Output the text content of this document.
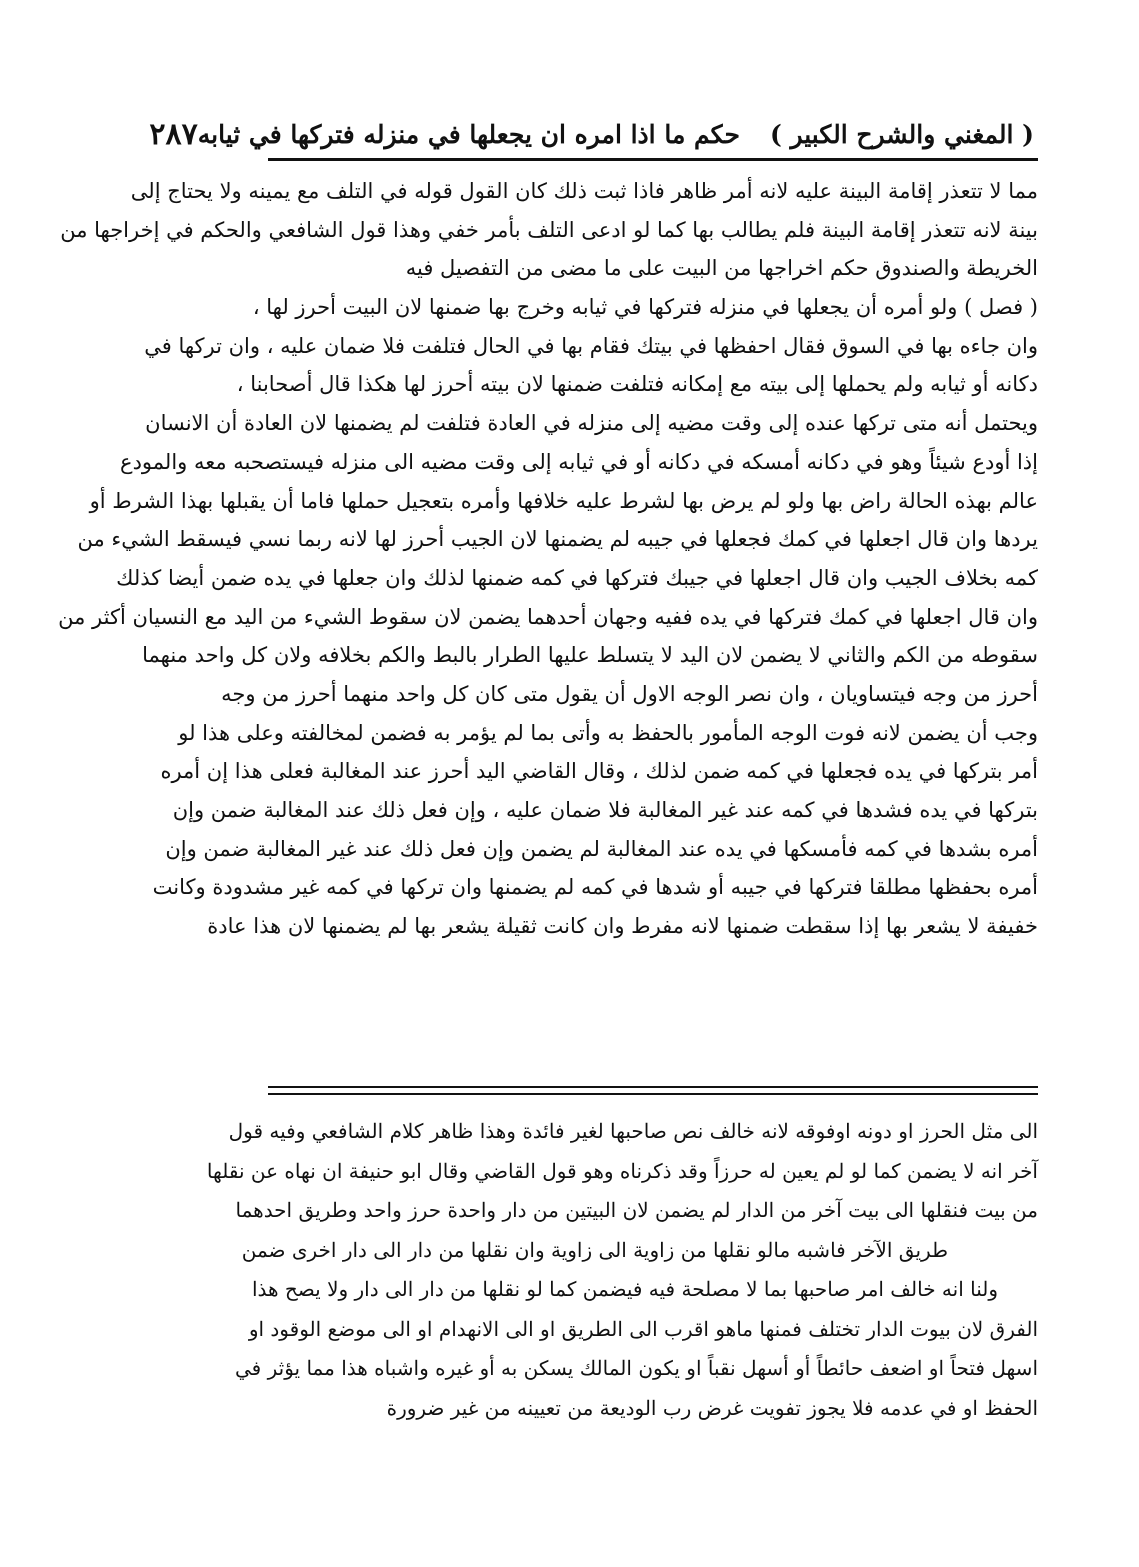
( المغني والشرح الكبير )
حكم ما اذا امره ان يجعلها في منزله فتركها في ثيابه
٢٨٧
مما لا تتعذر إقامة البينة عليه لانه أمر ظاهر فاذا ثبت ذلك كان القول قوله في التلف مع يمينه ولا يحتاج إلى
بينة لانه تتعذر إقامة البينة فلم يطالب بها كما لو ادعى التلف بأمر خفي وهذا قول الشافعي والحكم في إخراجها من
الخريطة والصندوق حكم اخراجها من البيت على ما مضى من التفصيل فيه
( فصل ) ولو أمره أن يجعلها في منزله فتركها في ثيابه وخرج بها ضمنها لان البيت أحرز لها ،
وان جاءه بها في السوق فقال احفظها في بيتك فقام بها في الحال فتلفت فلا ضمان عليه ، وان تركها في
دكانه أو ثيابه ولم يحملها إلى بيته مع إمكانه فتلفت ضمنها لان بيته أحرز لها هكذا قال أصحابنا ،
ويحتمل أنه متى تركها عنده إلى وقت مضيه إلى منزله في العادة فتلفت لم يضمنها لان العادة أن الانسان
إذا أودع شيئاً وهو في دكانه أمسكه في دكانه أو في ثيابه إلى وقت مضيه الى منزله فيستصحبه معه والمودع
عالم بهذه الحالة راض بها ولو لم يرض بها لشرط عليه خلافها وأمره بتعجيل حملها فاما أن يقبلها بهذا الشرط أو
يردها وان قال اجعلها في كمك فجعلها في جيبه لم يضمنها لان الجيب أحرز لها لانه ربما نسي فيسقط الشيء من
كمه بخلاف الجيب وان قال اجعلها في جيبك فتركها في كمه ضمنها لذلك وان جعلها في يده ضمن أيضا كذلك
وان قال اجعلها في كمك فتركها في يده ففيه وجهان أحدهما يضمن لان سقوط الشيء من اليد مع النسيان أكثر من
سقوطه من الكم والثاني لا يضمن لان اليد لا يتسلط عليها الطرار بالبط والكم بخلافه ولان كل واحد منهما
أحرز من وجه فيتساويان ، وان نصر الوجه الاول أن يقول متى كان كل واحد منهما أحرز من وجه
وجب أن يضمن لانه فوت الوجه المأمور بالحفظ به وأتى بما لم يؤمر به فضمن لمخالفته وعلى هذا لو
أمر بتركها في يده فجعلها في كمه ضمن لذلك ، وقال القاضي اليد أحرز عند المغالبة فعلى هذا إن أمره
بتركها في يده فشدها في كمه عند غير المغالبة فلا ضمان عليه ، وإن فعل ذلك عند المغالبة ضمن وإن
أمره بشدها في كمه فأمسكها في يده عند المغالبة لم يضمن وإن فعل ذلك عند غير المغالبة ضمن وإن
أمره بحفظها مطلقا فتركها في جيبه أو شدها في كمه لم يضمنها وان تركها في كمه غير مشدودة وكانت
خفيفة لا يشعر بها إذا سقطت ضمنها لانه مفرط وان كانت ثقيلة يشعر بها لم يضمنها لان هذا عادة
الى مثل الحرز او دونه اوفوقه لانه خالف نص صاحبها لغير فائدة وهذا ظاهر كلام الشافعي وفيه قول
آخر انه لا يضمن كما لو لم يعين له حرزاً وقد ذكرناه وهو قول القاضي وقال ابو حنيفة ان نهاه عن نقلها
من بيت فنقلها الى بيت آخر من الدار لم يضمن لان البيتين من دار واحدة حرز واحد وطريق احدهما
طريق الآخر فاشبه مالو نقلها من زاوية الى زاوية وان نقلها من دار الى دار اخرى ضمن
ولنا انه خالف امر صاحبها بما لا مصلحة فيه فيضمن كما لو نقلها من دار الى دار ولا يصح هذا
الفرق لان بيوت الدار تختلف فمنها ماهو اقرب الى الطريق او الى الانهدام او الى موضع الوقود او
اسهل فتحاً او اضعف حائطاً أو أسهل نقباً او يكون المالك يسكن به أو غيره واشباه هذا مما يؤثر في
الحفظ او في عدمه فلا يجوز تفويت غرض رب الوديعة من تعيينه من غير ضرورة
